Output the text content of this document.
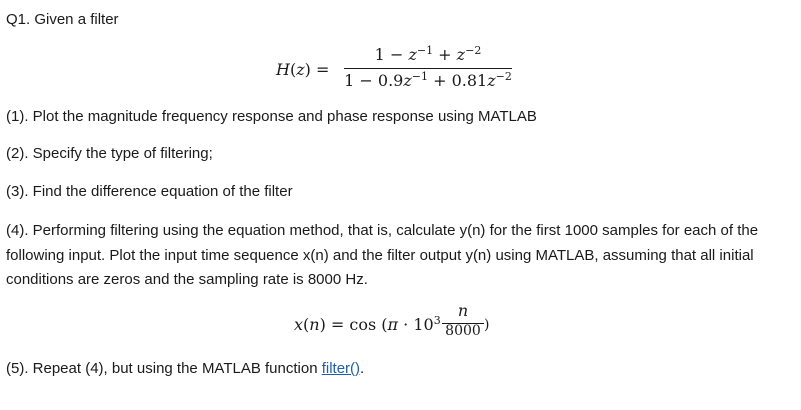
Q1. Given a filter
H(z) =
$1 - z^{-1} + z^{-2}$
$1 - 0.9z^{-1} + 0.81z^{-2}$
(1). Plot the magnitude frequency response and phase response using MATLAB
(2). Specify the type of filtering;
(3). Find the difference equation of the filter
(4). Performing filtering using the equation method, that is, calculate y(n) for the first 1000 samples for each of the following input. Plot the input time sequence x(n) and the filter output y(n) using MATLAB, assuming that all initial conditions are zeros and the sampling rate is 8000 Hz.
$x(n) = \cos (\pi \cdot 10^3$
n
8000 )
(5). Repeat (4), but using the MATLAB function filter().
